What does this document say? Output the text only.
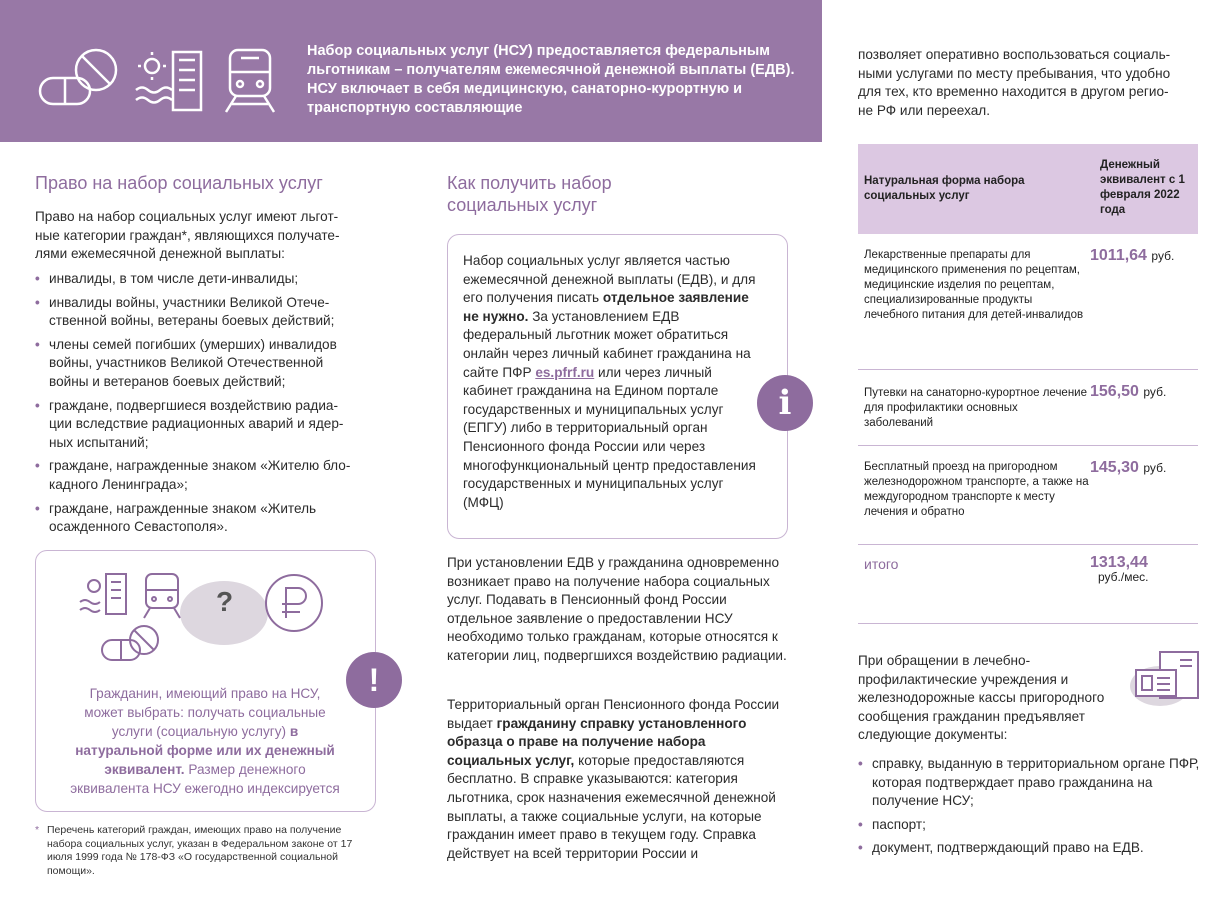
Набор социальных услуг (НСУ) предоставляется федеральным льготникам – получателям ежемесячной денежной выплаты (ЕДВ). НСУ включает в себя медицинскую, санаторно-курортную и транспортную составляющие
Право на набор социальных услуг
Право на набор социальных услуг имеют льгот-
ные категории граждан*, являющихся получате-
лями ежемесячной денежной выплаты:
• инвалиды, в том числе дети-инвалиды;
• инвалиды войны, участники Великой Отече-
ственной войны, ветераны боевых действий;
• члены семей погибших (умерших) инвалидов
войны, участников Великой Отечественной
войны и ветеранов боевых действий;
• граждане, подвергшиеся воздействию радиа-
ции вследствие радиационных аварий и ядер-
ных испытаний;
• граждане, награжденные знаком «Жителю бло-
кадного Ленинграда»;
• граждане, награжденные знаком «Житель
осажденного Севастополя».
?
!
Гражданин, имеющий право на НСУ, может выбрать: получать социальные услуги (социальную услугу) в натуральной форме или их денежный эквивалент. Размер денежного эквивалента НСУ ежегодно индексируется
* Перечень категорий граждан, имеющих право на получение набора социальных услуг, указан в Федеральном законе от 17 июля 1999 года № 178-ФЗ «О государственной социальной помощи».
Как получить набор
социальных услуг
Набор социальных услуг является частью ежемесячной денежной выплаты (ЕДВ), и для его получения писать отдельное заявление не нужно. За установлением ЕДВ федеральный льготник может обратиться онлайн через личный кабинет гражданина на сайте ПФР es.pfrf.ru или через личный кабинет гражданина на Едином портале государственных и муниципальных услуг (ЕПГУ) либо в территориальный орган Пенсионного фонда России или через многофункциональный центр предоставления государственных и муниципальных услуг (МФЦ)
i
При установлении ЕДВ у гражданина одновременно возникает право на получение набора социальных услуг. Подавать в Пенсионный фонд России отдельное заявление о предоставлении НСУ необходимо только гражданам, которые относятся к категории лиц, подвергшихся воздействию радиации.
Территориальный орган Пенсионного фонда России выдает гражданину справку установленного образца о праве на получение набора социальных услуг, которые предоставляются бесплатно. В справке указываются: категория льготника, срок назначения ежемесячной денежной выплаты, а также социальные услуги, на которые гражданин имеет право в текущем году. Справка действует на всей территории России и
позволяет оперативно воспользоваться социаль-
ными услугами по месту пребывания, что удобно
для тех, кто временно находится в другом регио-
не РФ или переехал.
Натуральная форма набора социальных услуг
Денежный эквивалент с 1 февраля 2022 года
Лекарственные препараты для медицинского применения по рецептам, медицинские изделия по рецептам, специализированные продукты лечебного питания для детей-инвалидов
1011,64 руб.
Путевки на санаторно-курортное лечение для профилактики основных заболеваний
156,50 руб.
Бесплатный проезд на пригородном железнодорожном транспорте, а также на междугородном транспорте к месту лечения и обратно
145,30 руб.
итого	1313,44
руб./мес.
При обращении в лечебно-профилактические учреждения и железнодорожные кассы пригородного сообщения гражданин предъявляет следующие документы:
• справку, выданную в территориальном органе ПФР, которая подтверждает право гражданина на получение НСУ;
• паспорт;
• документ, подтверждающий право на ЕДВ.
